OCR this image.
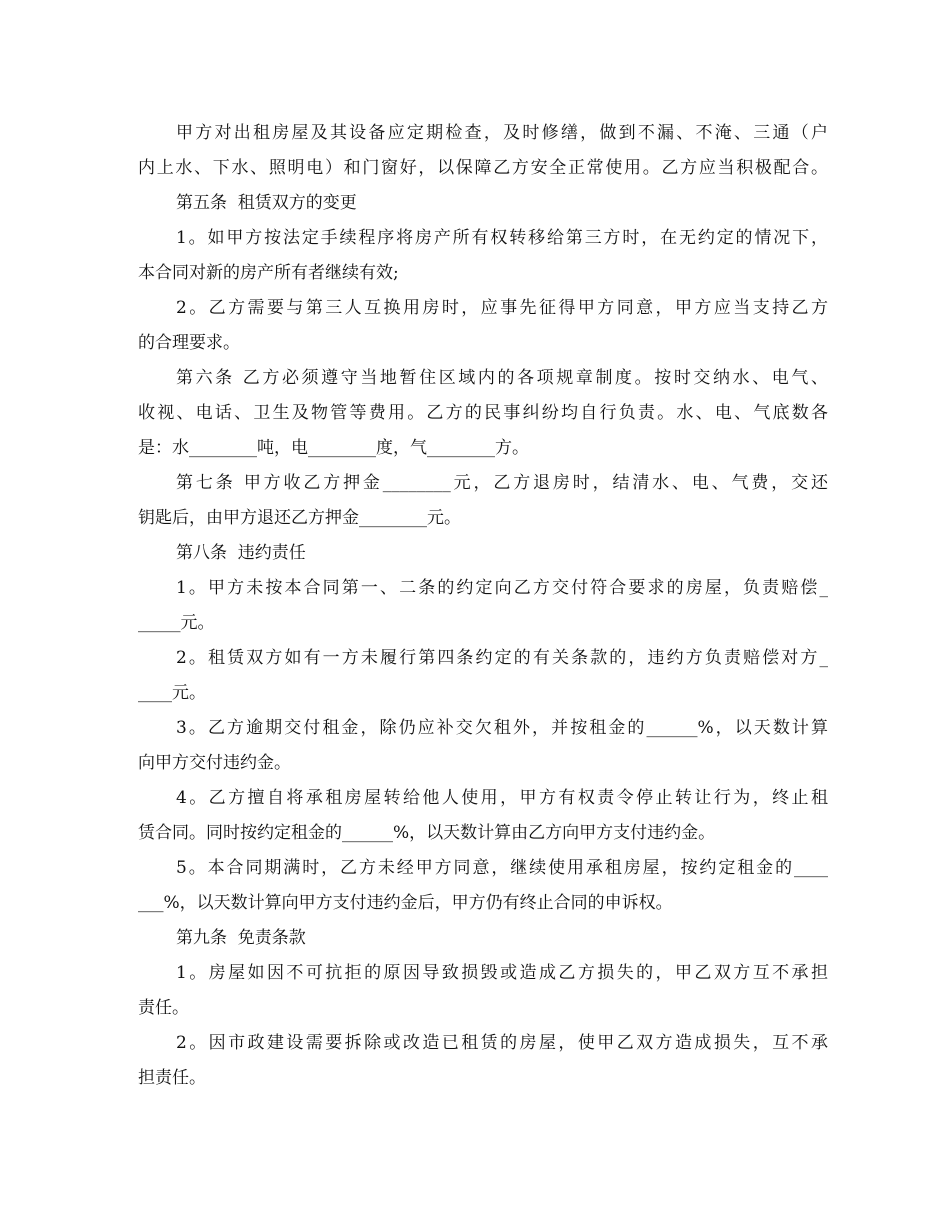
甲方对出租房屋及其设备应定期检查，及时修缮，做到不漏、不淹、三通（户
内上水、下水、照明电）和门窗好，以保障乙方安全正常使用。乙方应当积极配合。
第五条  租赁双方的变更
1。如甲方按法定手续程序将房产所有权转移给第三方时，在无约定的情况下，
本合同对新的房产所有者继续有效;
2。乙方需要与第三人互换用房时，应事先征得甲方同意，甲方应当支持乙方
的合理要求。
第六条 乙方必须遵守当地暂住区域内的各项规章制度。按时交纳水、电气、
收视、电话、卫生及物管等费用。乙方的民事纠纷均自行负责。水、电、气底数各
是：水________吨，电________度，气________方。
第七条 甲方收乙方押金________元，乙方退房时，结清水、电、气费，交还
钥匙后，由甲方退还乙方押金________元。
第八条  违约责任
1。甲方未按本合同第一、二条的约定向乙方交付符合要求的房屋，负责赔偿_
_____元。
2。租赁双方如有一方未履行第四条约定的有关条款的，违约方负责赔偿对方_
____元。
3。乙方逾期交付租金，除仍应补交欠租外，并按租金的______%，以天数计算
向甲方交付违约金。
4。乙方擅自将承租房屋转给他人使用，甲方有权责令停止转让行为，终止租
赁合同。同时按约定租金的______%，以天数计算由乙方向甲方支付违约金。
5。本合同期满时，乙方未经甲方同意，继续使用承租房屋，按约定租金的____
___%，以天数计算向甲方支付违约金后，甲方仍有终止合同的申诉权。
第九条  免责条款
1。房屋如因不可抗拒的原因导致损毁或造成乙方损失的，甲乙双方互不承担
责任。
2。因市政建设需要拆除或改造已租赁的房屋，使甲乙双方造成损失，互不承
担责任。
